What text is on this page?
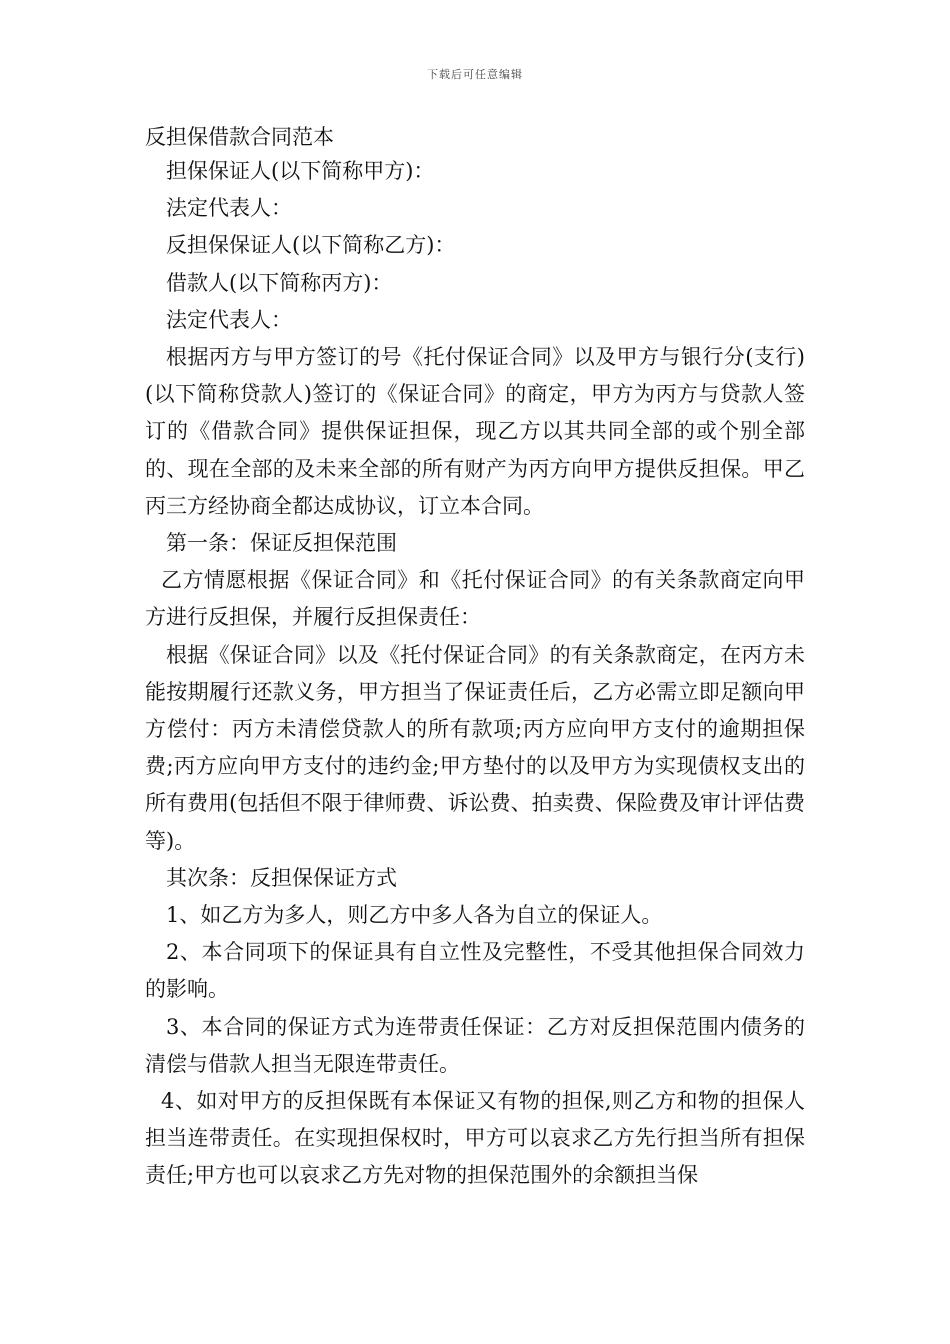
下载后可任意编辑
反担保借款合同范本

担保保证人(以下简称甲方)：

法定代表人：

反担保保证人(以下简称乙方)：

借款人(以下简称丙方)：

法定代表人：

根据丙方与甲方签订的号《托付保证合同》以及甲方与银行分(支行)(以下简称贷款人)签订的《保证合同》的商定，甲方为丙方与贷款人签订的《借款合同》提供保证担保，现乙方以其共同全部的或个别全部的、现在全部的及未来全部的所有财产为丙方向甲方提供反担保。甲乙丙三方经协商全都达成协议，订立本合同。

第一条：保证反担保范围

乙方情愿根据《保证合同》和《托付保证合同》的有关条款商定向甲方进行反担保，并履行反担保责任：

根据《保证合同》以及《托付保证合同》的有关条款商定，在丙方未能按期履行还款义务，甲方担当了保证责任后，乙方必需立即足额向甲方偿付：丙方未清偿贷款人的所有款项;丙方应向甲方支付的逾期担保费;丙方应向甲方支付的违约金;甲方垫付的以及甲方为实现债权支出的所有费用(包括但不限于律师费、诉讼费、拍卖费、保险费及审计评估费等)。

其次条：反担保保证方式

1、如乙方为多人，则乙方中多人各为自立的保证人。

2、本合同项下的保证具有自立性及完整性，不受其他担保合同效力的影响。

3、本合同的保证方式为连带责任保证：乙方对反担保范围内债务的清偿与借款人担当无限连带责任。

4、如对甲方的反担保既有本保证又有物的担保,则乙方和物的担保人担当连带责任。在实现担保权时，甲方可以哀求乙方先行担当所有担保责任;甲方也可以哀求乙方先对物的担保范围外的余额担当保
